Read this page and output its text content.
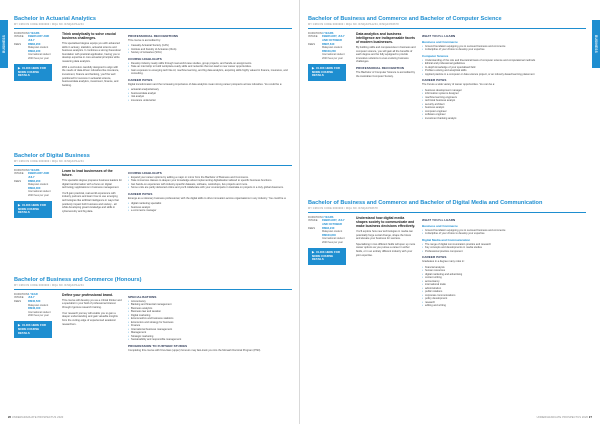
BUSINESS	BUSINESS
Bachelor in Actuarial Analytics
MY CRICOS CODE 0000000 / MQA NO. R/MQA/PA1234
DURATION 3 YEARS
INTAKE	FEBRUARY AND JULY
FEES	RM84,200
Malaysian student
RM94,230
International student 2020 fees per year
▶ CLICK HERE FOR MORE COURSE DETAILS
Think analytically to solve crucial business challenges.
This specialised degree equips you with advanced skills in actuary, statistics, actuarial science and business analytics. It combines a strong theoretical foundation with practical application, having you to develop expertise in core actuarial principles while mastering data analytics.
With a curriculum carefully designed to align with the needs of data-driven industries like insurance, investment, finance and banking, you'll be well positioned for success in actuarial science, business/data analytics, investment, finance, and banking.
PROFESSIONAL RECOGNITIONS
This course is accredited by:
• Casualty Actuarial Society (CAS)
• Institute and Faculty of Actuaries (IFoA)
• Society of Actuaries (SOA)
COURSE HIGHLIGHTS
• Develop industry-ready skills through real-world case studies, group projects, and hands-on assignments.
• Take an internship to build workplace-ready skills and networks that can lead to new career opportunities.
• Gain exposure to emerging tech like AI, machine learning, and big data analytics, acquiring skills highly valued in finance, insurance, and consulting.
CAREER PATHS
Digital transformation and the increasing importance of data analytics mean strong career prospects across industries. You could be a:
• actuarial analyst/actuary
• business/data analyst
• risk analyst
• insurance underwriter
Bachelor of Digital Business
MY CRICOS CODE 0000000 / MQA NO. R/MQA/PA1234
DURATION 3 YEARS
INTAKE	FEBRUARY AND JULY
FEES	RM84,200
Malaysian student
RM94,300
International student 2020 fees per year
▶ CLICK HERE FOR MORE COURSE DETAILS
Learn to lead businesses of the future.
This specialist degree prepares business leaders for digital transformation with a focus on digital technology applications in business management.
You'll gain practical, real-world experience with industry partners and learn how to use emerging technologies like artificial intelligence in ways that positively impact both business and society - all while developing great knowledge and skills in cybersecurity and big data.
COURSE HIGHLIGHTS
• Expand your career options by adding a major or minor from the Bachelor of Business and Commerce.
• Take immersive classes to deepen your knowledge about implementing digitalisation tailored to specific business functions.
• Get hands-on experience with industry-specific datasets, software, workshops, live projects and more.
• Some units are partly delivered online and you'll collaborate with your counterparts in Australia on projects in a truly global classroom.
CAREER PATHS
Emerge as a visionary business professional, with the digital skills to drive innovation across organisations in any industry. You could be a:
• digital marketing specialist
• business analyst
• e-commerce manager
Bachelor of Business and Commerce (Honours)
MY CRICOS CODE 0000000 / MQA NO. R/MQA/PA1234
DURATION 1 YEAR
INTAKE	JULY
FEES	RM40,530
Malaysian student
RM46,400
International student 2020 fees per year
▶ CLICK HERE FOR MORE COURSE DETAILS
Define your professional brand.
This course will develop you as a critical thinker and a specialist in your field of professional interest through rigorous research training.
Your research journey will enable you to gain a deeper understanding and gain valuable insights from the cutting edge of experienced academic researchers.
SPECIALISATIONS
• Accountancy
• Banking and financial management
• Business analytics
• Business law and taxation
• Digital marketing
• Econometrics and business statistics
• Economics and strategy for business
• Finance
• International business management
• Management
• Strategic marketing
• Sustainability and responsible management
PROGRESSION TO FURTHER STUDIES
Completing this course with first-class (upper) honours may fast-track you into the Monash Doctoral Program (PhD).
Bachelor of Business and Commerce and Bachelor of Computer Science
MY CRICOS CODE 0000000 / MQA NO. R/MQA/PA1234, R/MQA/PA5678
DURATION 4 YEARS
INTAKE	FEBRUARY, JULY AND OCTOBER
FEES	RM97,640
Malaysian student
RM109,230
International student 2020 fees per year
▶ CLICK HERE FOR MORE COURSE DETAILS
Data analytics and business intelligence are indispensable facets of modern businesses.
By building skills and competencies in business and computer science, you will gain all the benefits of each degree and be fully equipped to provide innovative solutions to ever-evolving business challenges.
PROFESSIONAL RECOGNITION
The Bachelor of Computer Science is accredited by the Australian Computer Society.
WHAT YOU'LL LEARN
Business and Commerce
• Ground foundation equipping you to succeed business and commerce
• A discipline of your choice to develop your expertise
Computer Science
• Understanding of the role and theoretical basis of computer science and computational methods
• Ethical and professional guidelines
• In-depth knowledge of your specialised field
• Problem-solving and analytical skills
• Applied practice in a computer or data science project, or an industry-based learning placement
CAREER PATHS
The Future a wide variety of career opportunities. You can be a:
• business development manager
• information systems designer
• machine learning engineers
• technical business analyst
• security architect
• business analyst
• computer engineer
• software engineer
• investment banking analyst
Bachelor of Business and Commerce and Bachelor of Digital Media and Communication
MY CRICOS CODE 0000000 / MQA NO. R/MQA/PA5678
DURATION 4 YEARS
INTAKE	FEBRUARY, JULY AND OCTOBER
FEES	RM94,240
Malaysian student
RM103,840
International student 2020 fees per year
▶ CLICK HERE FOR MORE COURSE DETAILS
Understand how digital media shapes society to communicate and make business decisions effectively.
You'll explore how new technologies in media can potentially forge social change, shape the future and elevate your business for success.
Specialising in two different fields will open up more career options as you pursue a career in either fields, or in an entirely different industry with your joint expertise.
WHAT YOU'LL LEARN
Business and Commerce
• Ground foundation equipping you to succeed business and commerce
• A discipline of your choice to develop your expertise
Digital Media and Communication
• The range of digital communication practice and research
• Key concepts and developments in media studies
• Professional practice component
CAREER PATHS
Graduates in a degree many roles in:
• financial analysis
• human resources
• digital marketing and advertising
• content writing
• accountancy
• international trade
• administration
• public relations
• corporate communications
• policy development
• research
• editing and writing
26 UNDERGRADUATE PROSPECTUS 2020	UNDERGRADUATE PROSPECTUS 2020 27
